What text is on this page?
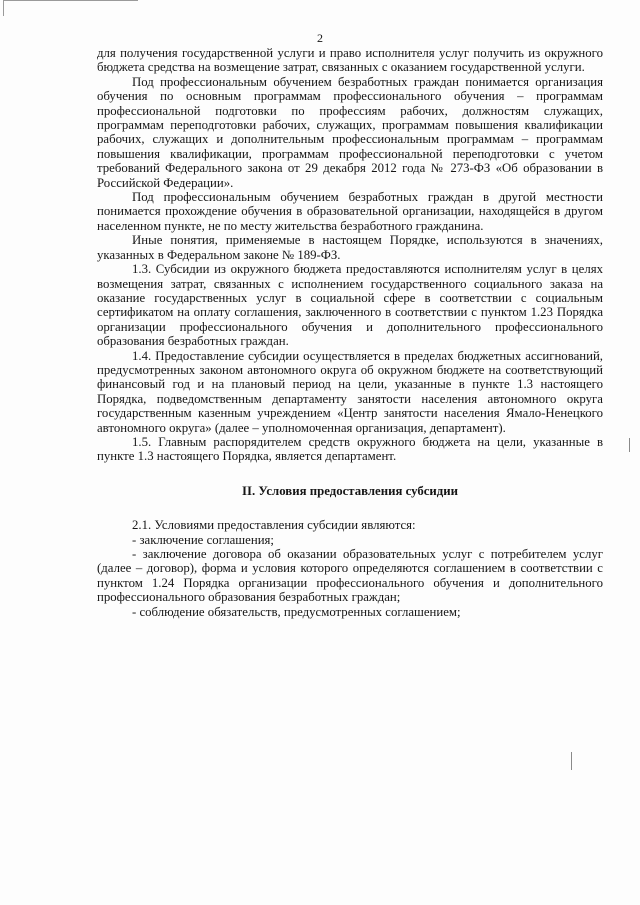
2

для получения государственной услуги и право исполнителя услуг получить из окружного бюджета средства на возмещение затрат, связанных с оказанием государственной услуги.

Под профессиональным обучением безработных граждан понимается организация обучения по основным программам профессионального обучения – программам профессиональной подготовки по профессиям рабочих, должностям служащих, программам переподготовки рабочих, служащих, программам повышения квалификации рабочих, служащих и дополнительным профессиональным программам – программам повышения квалификации, программам профессиональной переподготовки с учетом требований Федерального закона от 29 декабря 2012 года № 273-ФЗ «Об образовании в Российской Федерации».

Под профессиональным обучением безработных граждан в другой местности понимается прохождение обучения в образовательной организации, находящейся в другом населенном пункте, не по месту жительства безработного гражданина.

Иные понятия, применяемые в настоящем Порядке, используются в значениях, указанных в Федеральном законе № 189-ФЗ.

1.3. Субсидии из окружного бюджета предоставляются исполнителям услуг в целях возмещения затрат, связанных с исполнением государственного социального заказа на оказание государственных услуг в социальной сфере в соответствии с социальным сертификатом на оплату соглашения, заключенного в соответствии с пунктом 1.23 Порядка организации профессионального обучения и дополнительного профессионального образования безработных граждан.

1.4. Предоставление субсидии осуществляется в пределах бюджетных ассигнований, предусмотренных законом автономного округа об окружном бюджете на соответствующий финансовый год и на плановый период на цели, указанные в пункте 1.3 настоящего Порядка, подведомственным департаменту занятости населения автономного округа государственным казенным учреждением «Центр занятости населения Ямало-Ненецкого автономного округа» (далее – уполномоченная организация, департамент).

1.5. Главным распорядителем средств окружного бюджета на цели, указанные в пункте 1.3 настоящего Порядка, является департамент.

II. Условия предоставления субсидии

2.1. Условиями предоставления субсидии являются:

- заключение соглашения;

- заключение договора об оказании образовательных услуг с потребителем услуг (далее – договор), форма и условия которого определяются соглашением в соответствии с пунктом 1.24 Порядка организации профессионального обучения и дополнительного профессионального образования безработных граждан;

- соблюдение обязательств, предусмотренных соглашением;
